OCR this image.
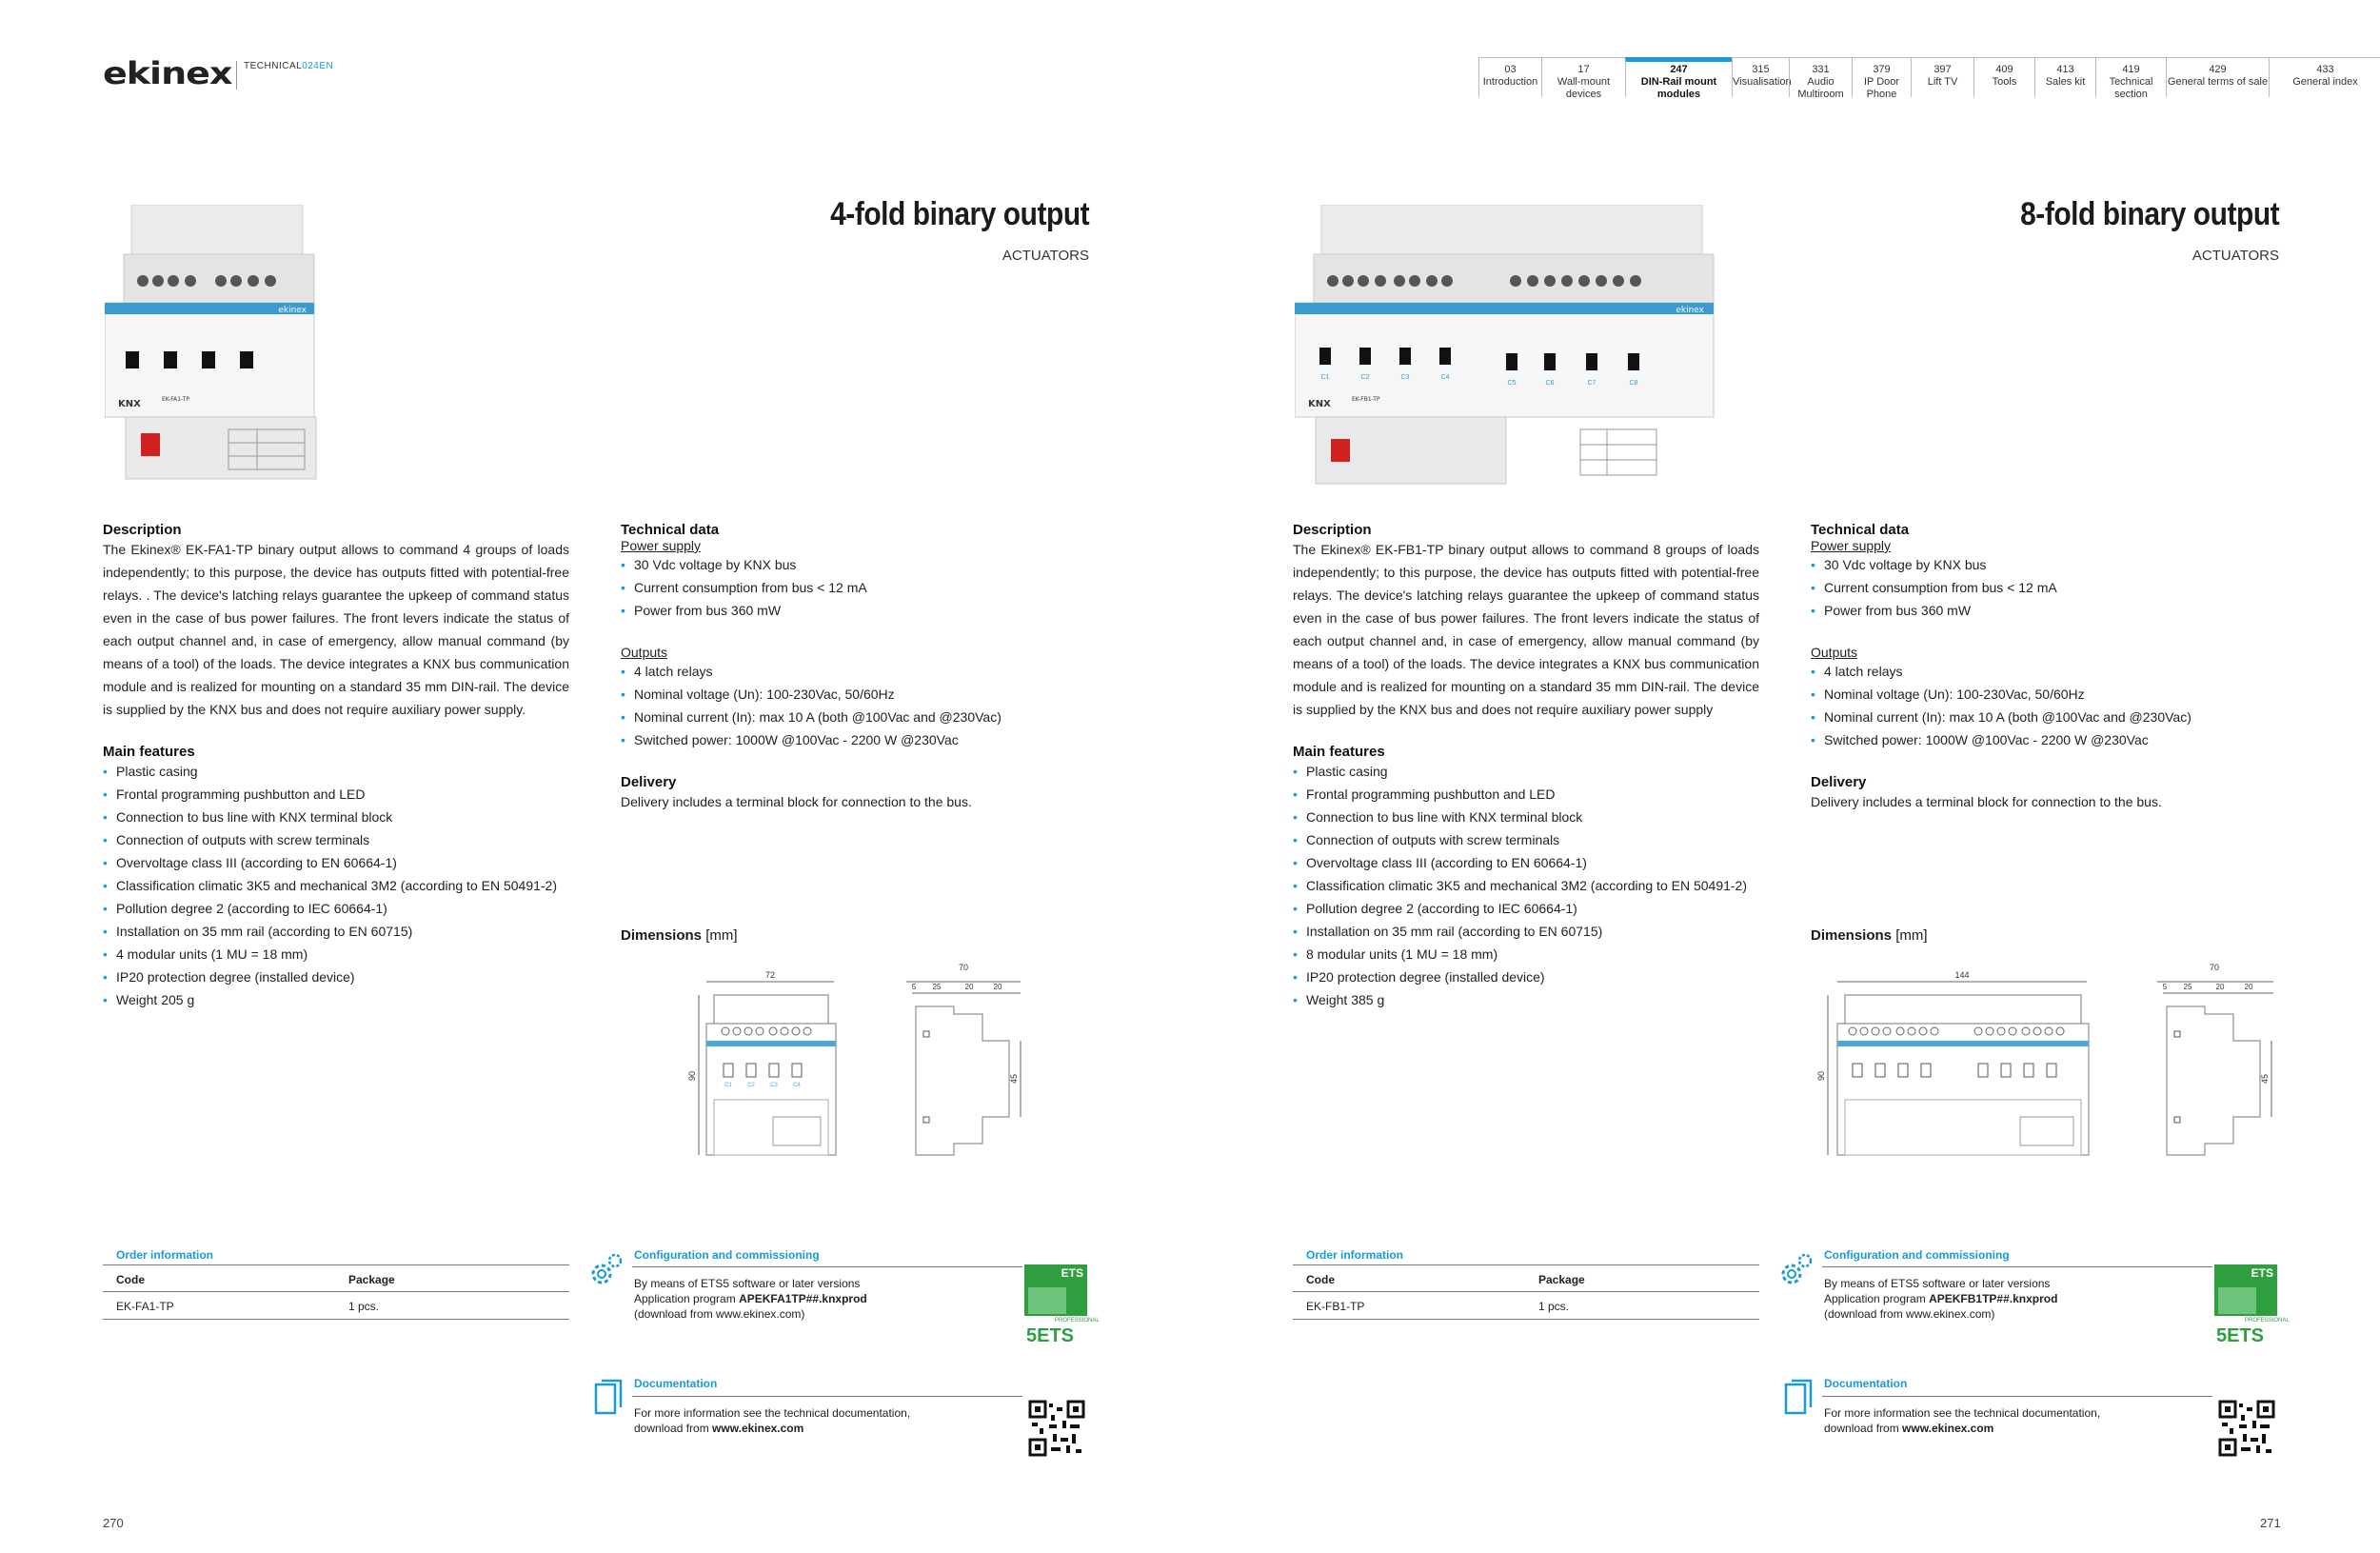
ekinex TECHNICAL024EN	03
Introduction
17
Wall-mount devices
247
DIN-Rail mount modules
315
Visualisation
331
Audio Multiroom
379
IP Door Phone
397
Lift TV
409
Tools
413
Sales kit
419
Technical section
429
General terms of sale
433
General index
ekinex
KNX	EK-FA1-TP
4-fold binary output
ACTUATORS
Description
The Ekinex® EK-FA1-TP binary output allows to command 4 groups of loads independently; to this purpose, the device has outputs fitted with potential-free relays. . The device's latching relays guarantee the upkeep of command status even in the case of bus power failures. The front levers indicate the status of each output channel and, in case of emergency, allow manual command (by means of a tool) of the loads. The device integrates a KNX bus communication module and is realized for mounting on a standard 35 mm DIN-rail. The device is supplied by the KNX bus and does not require auxiliary power supply.
Main features
• Plastic casing
• Frontal programming pushbutton and LED
• Connection to bus line with KNX terminal block
• Connection of outputs with screw terminals
• Overvoltage class III (according to EN 60664-1)
• Classification climatic 3K5 and mechanical 3M2 (according to EN 50491-2)
• Pollution degree 2 (according to IEC 60664-1)
• Installation on 35 mm rail (according to EN 60715)
• 4 modular units (1 MU = 18 mm)
• IP20 protection degree (installed device)
• Weight 205 g
Technical data
Power supply
• 30 Vdc voltage by KNX bus
• Current consumption from bus < 12 mA
• Power from bus 360 mW
Outputs
• 4 latch relays
• Nominal voltage (Un): 100-230Vac, 50/60Hz
• Nominal current (In): max 10 A (both @100Vac and @230Vac)
• Switched power: 1000W @100Vac - 2200 W @230Vac
Delivery
Delivery includes a terminal block for connection to the bus.
Dimensions [mm]
72
90
C1	C2	C3	C4
70
5 25	20	20
45
Order information
Code	Package
EK-FA1-TP	1 pcs.
Configuration and commissioning
By means of ETS5 software or later versions
Application program APEKFA1TP##.knxprod
(download from www.ekinex.com)
ETS
PROFESSIONAL
5ETS
Documentation
For more information see the technical documentation,
download from www.ekinex.com
270
ekinex
C1	C2	C3	C4
C5	C6	C7	C8
KNX	EK-FB1-TP
8-fold binary output
ACTUATORS
Description
The Ekinex® EK-FB1-TP binary output allows to command 8 groups of loads independently; to this purpose, the device has outputs fitted with potential-free relays. The device's latching relays guarantee the upkeep of command status even in the case of bus power failures. The front levers indicate the status of each output channel and, in case of emergency, allow manual command (by means of a tool) of the loads. The device integrates a KNX bus communication module and is realized for mounting on a standard 35 mm DIN-rail. The device is supplied by the KNX bus and does not require auxiliary power supply
Main features
• Plastic casing
• Frontal programming pushbutton and LED
• Connection to bus line with KNX terminal block
• Connection of outputs with screw terminals
• Overvoltage class III (according to EN 60664-1)
• Classification climatic 3K5 and mechanical 3M2 (according to EN 50491-2)
• Pollution degree 2 (according to IEC 60664-1)
• Installation on 35 mm rail (according to EN 60715)
• 8 modular units (1 MU = 18 mm)
• IP20 protection degree (installed device)
• Weight 385 g
Technical data
Power supply
• 30 Vdc voltage by KNX bus
• Current consumption from bus < 12 mA
• Power from bus 360 mW
Outputs
• 4 latch relays
• Nominal voltage (Un): 100-230Vac, 50/60Hz
• Nominal current (In): max 10 A (both @100Vac and @230Vac)
• Switched power: 1000W @100Vac - 2200 W @230Vac
Delivery
Delivery includes a terminal block for connection to the bus.
Dimensions [mm]
144
90
70
5 25	20	20
45
Order information
Code	Package
EK-FB1-TP	1 pcs.
Configuration and commissioning
By means of ETS5 software or later versions
Application program APEKFB1TP##.knxprod
(download from www.ekinex.com)
ETS
PROFESSIONAL
5ETS
Documentation
For more information see the technical documentation,
download from www.ekinex.com
271
